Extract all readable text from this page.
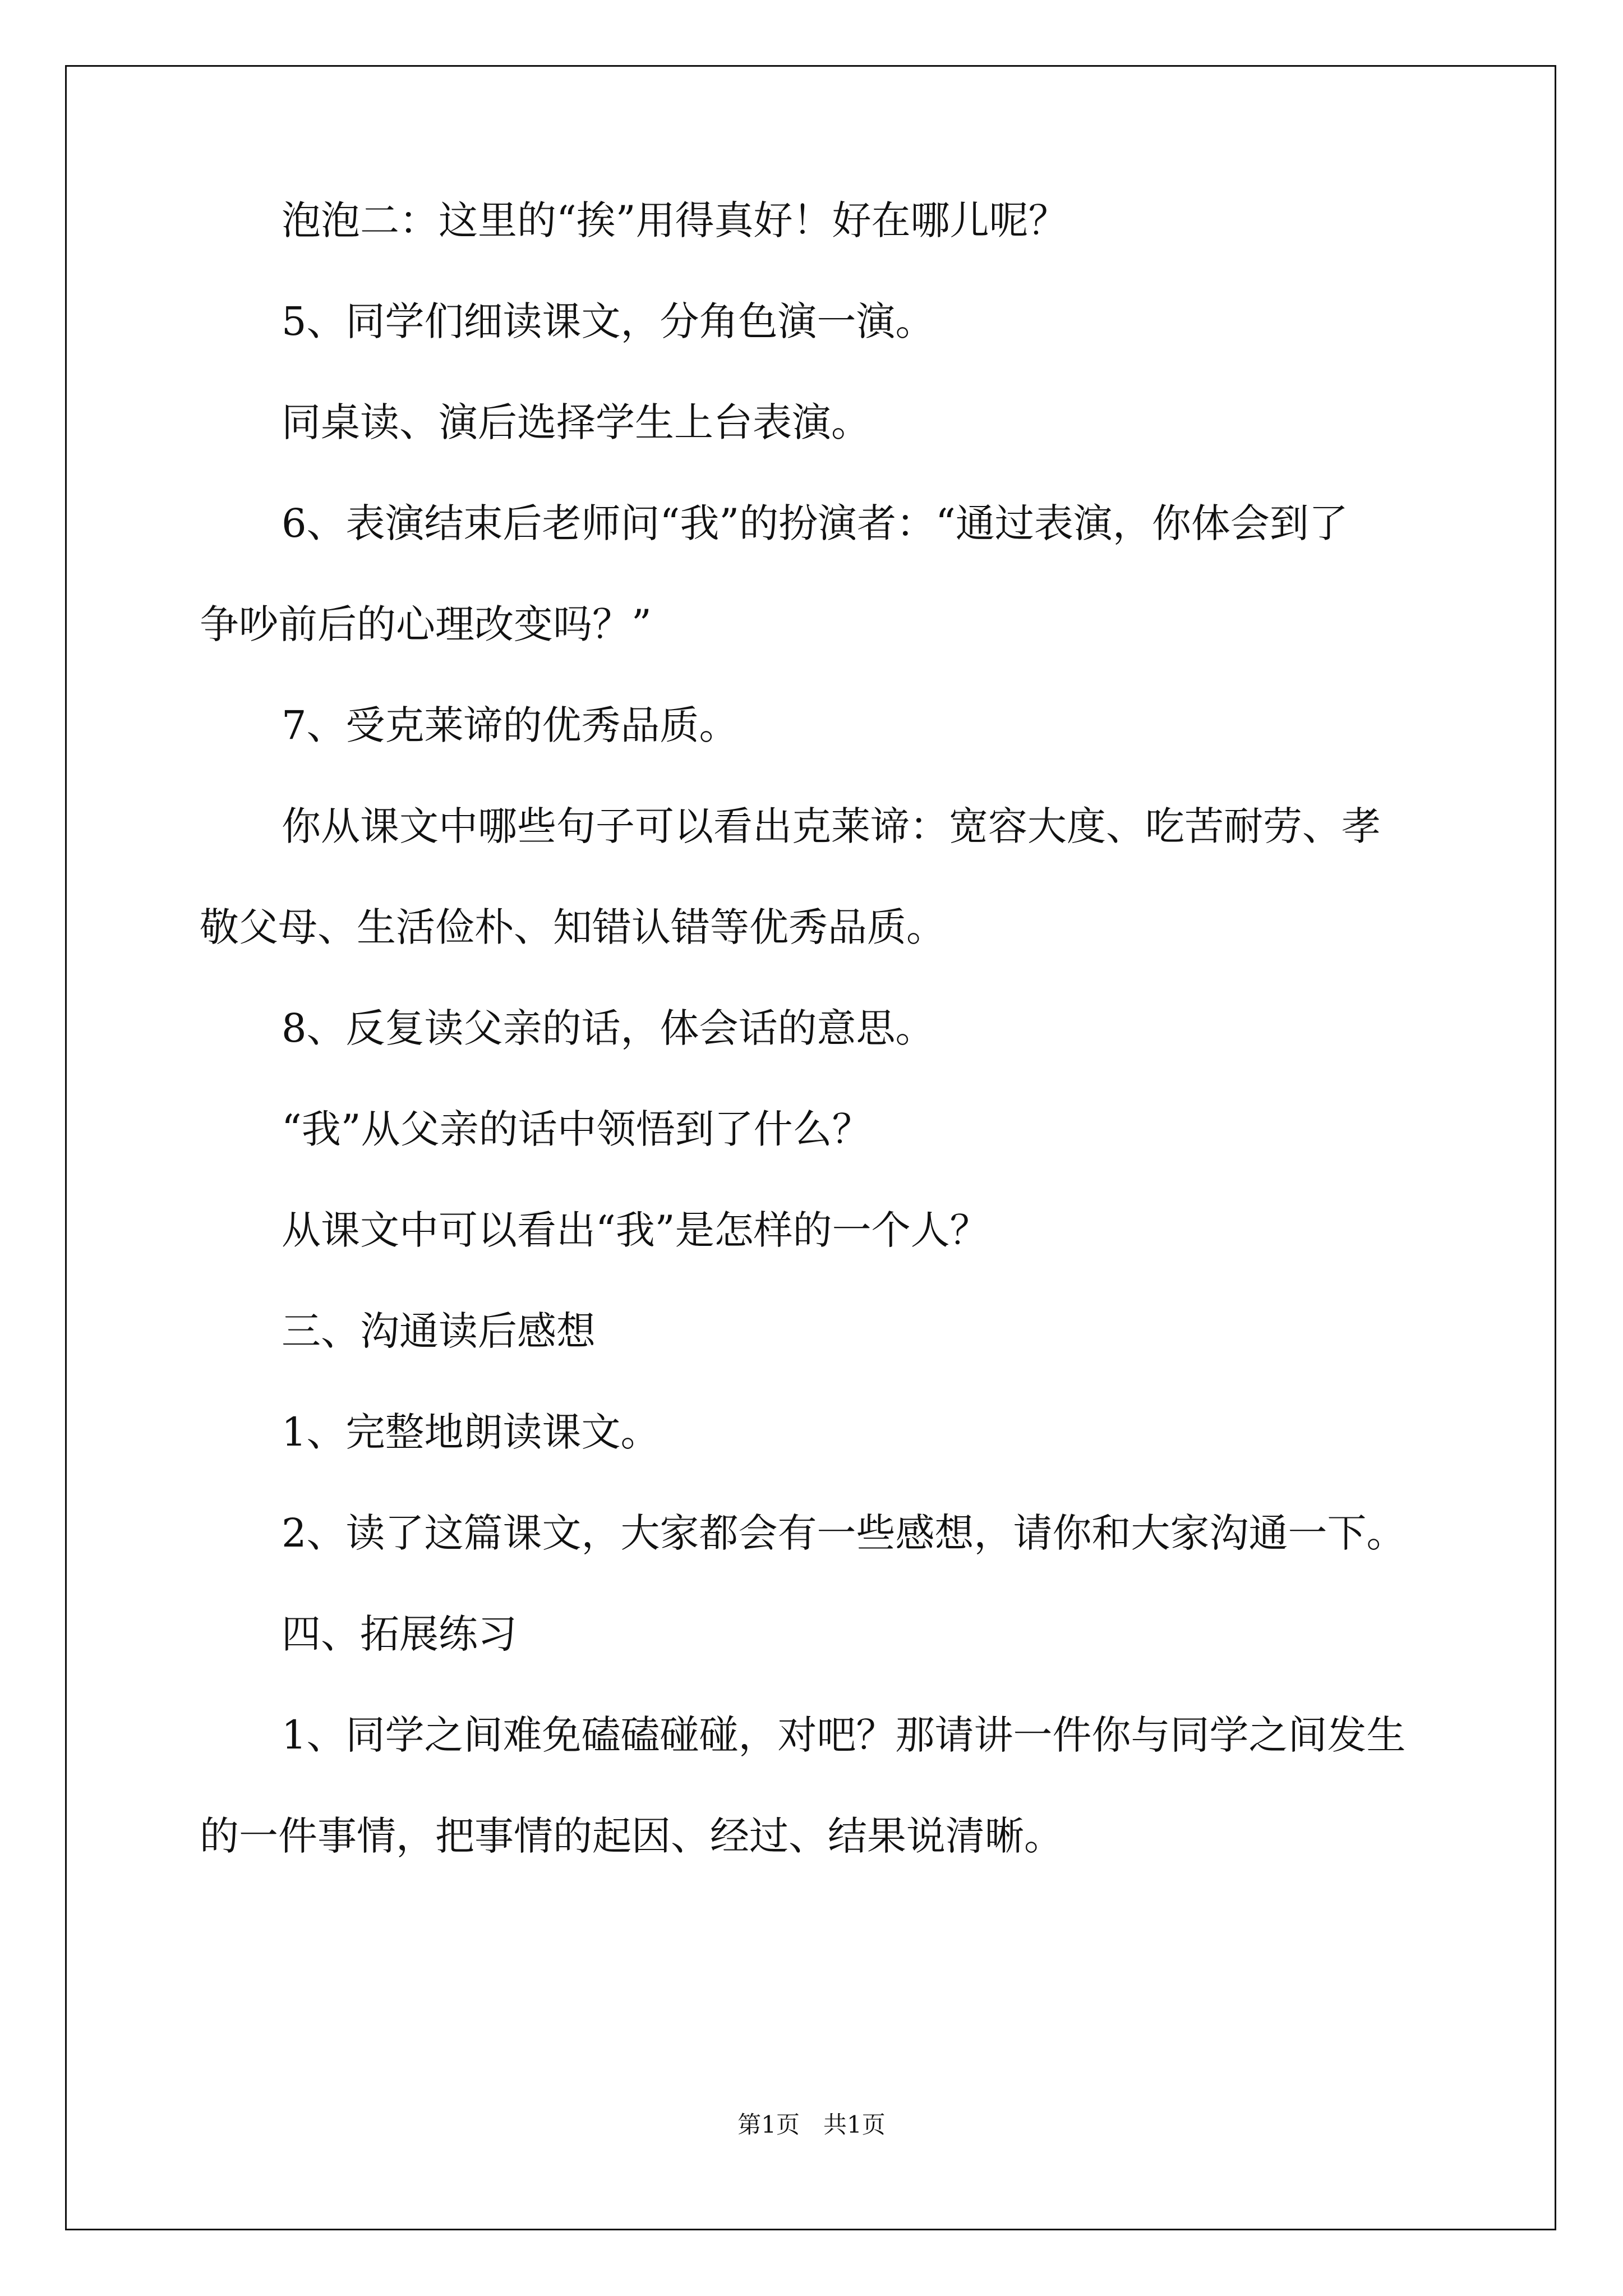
泡泡二：这里的“挨”用得真好！好在哪儿呢？
5、同学们细读课文，分角色演一演。
同桌读、演后选择学生上台表演。
6、表演结束后老师问“我”的扮演者：“通过表演，你体会到了
争吵前后的心理改变吗？”
7、受克莱谛的优秀品质。
你从课文中哪些句子可以看出克莱谛：宽容大度、吃苦耐劳、孝
敬父母、生活俭朴、知错认错等优秀品质。
8、反复读父亲的话，体会话的意思。
“我”从父亲的话中领悟到了什么？
从课文中可以看出“我”是怎样的一个人？
三、沟通读后感想
1、完整地朗读课文。
2、读了这篇课文，大家都会有一些感想，请你和大家沟通一下。
四、拓展练习
1、同学之间难免磕磕碰碰，对吧？那请讲一件你与同学之间发生
的一件事情，把事情的起因、经过、结果说清晰。
第1页　共1页
